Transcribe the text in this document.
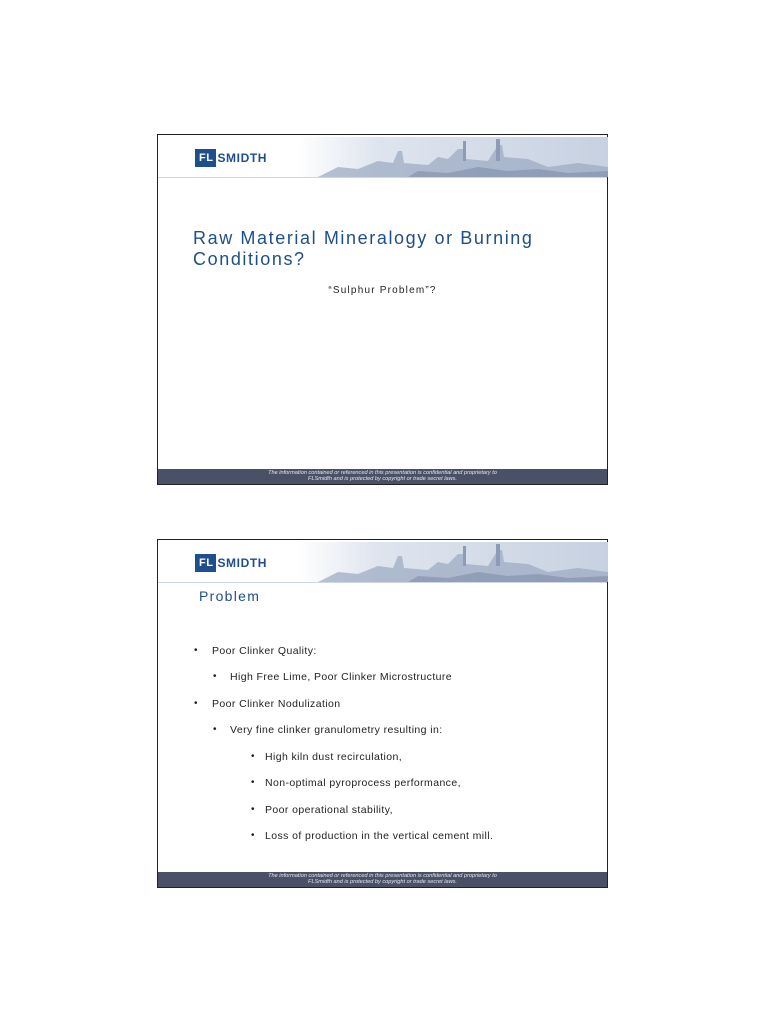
FL SMIDTH
Raw Material Mineralogy or Burning Conditions?
“Sulphur Problem”?
The information contained or referenced in this presentation is confidential and proprietary to
FLSmidth and is protected by copyright or trade secret laws.
FL SMIDTH
Problem
• Poor Clinker Quality:
• High Free Lime, Poor Clinker Microstructure
• Poor Clinker Nodulization
• Very fine clinker granulometry resulting in:
• High kiln dust recirculation,
• Non-optimal pyroprocess performance,
• Poor operational stability,
• Loss of production in the vertical cement mill.
The information contained or referenced in this presentation is confidential and proprietary to
FLSmidth and is protected by copyright or trade secret laws.
